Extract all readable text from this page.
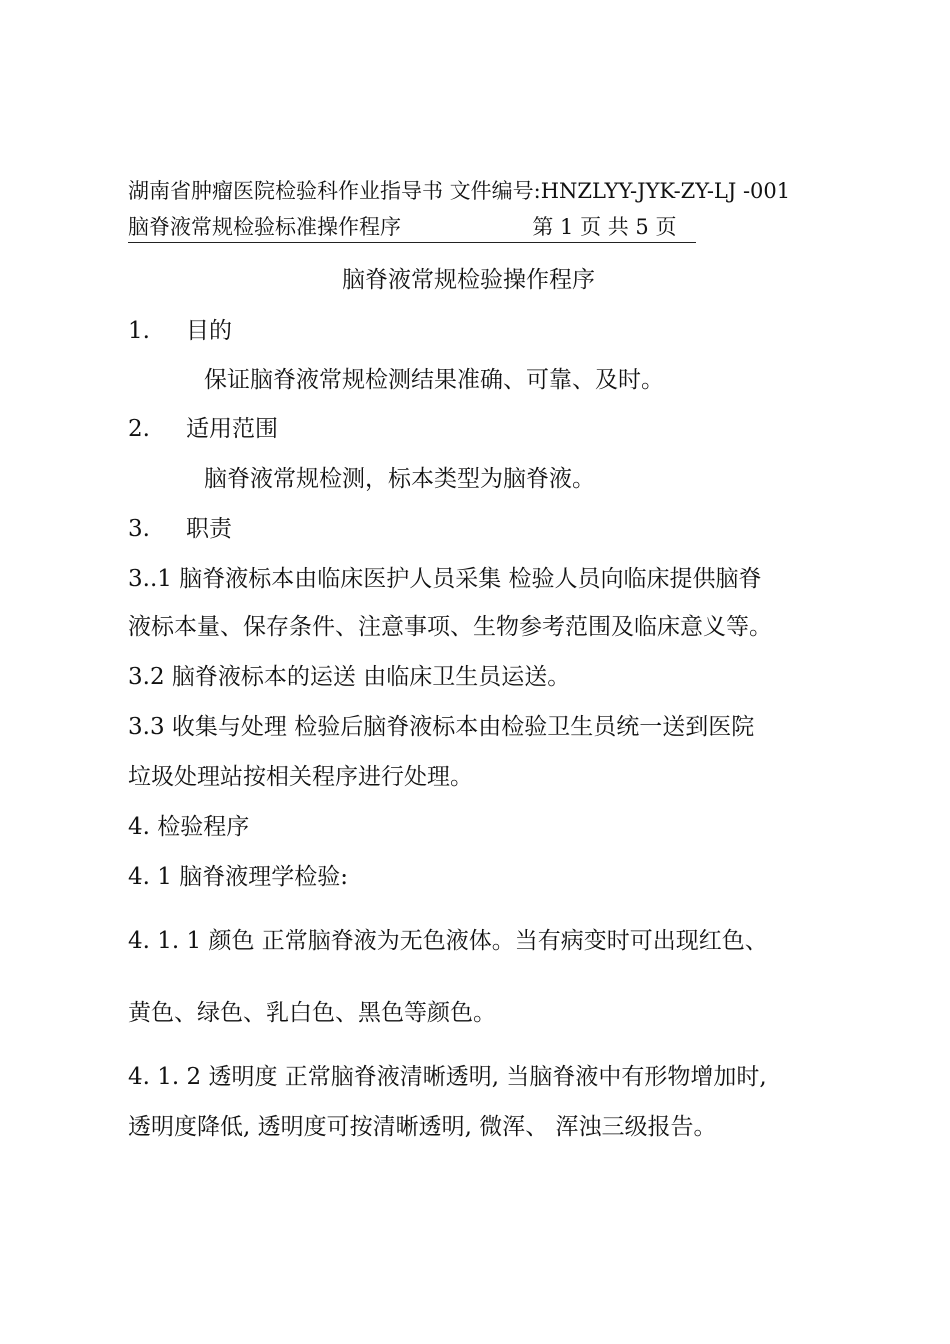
湖南省肿瘤医院检验科作业指导书 文件编号:HNZLYY-JYK-ZY-LJ -001
脑脊液常规检验标准操作程序	第 1 页 共 5 页
脑脊液常规检验操作程序
1. 目的
保证脑脊液常规检测结果准确、可靠、及时。
2. 适用范围
脑脊液常规检测，标本类型为脑脊液。
3. 职责
3..1 脑脊液标本由临床医护人员采集 检验人员向临床提供脑脊
液标本量、保存条件、注意事项、生物参考范围及临床意义等。
3.2 脑脊液标本的运送 由临床卫生员运送。
3.3 收集与处理 检验后脑脊液标本由检验卫生员统一送到医院
垃圾处理站按相关程序进行处理。
4. 检验程序
4. 1 脑脊液理学检验:
4. 1. 1 颜色 正常脑脊液为无色液体。当有病变时可出现红色、
黄色、绿色、乳白色、黑色等颜色。
4. 1. 2 透明度 正常脑脊液清晰透明, 当脑脊液中有形物增加时,
透明度降低, 透明度可按清晰透明, 微浑、 浑浊三级报告。
